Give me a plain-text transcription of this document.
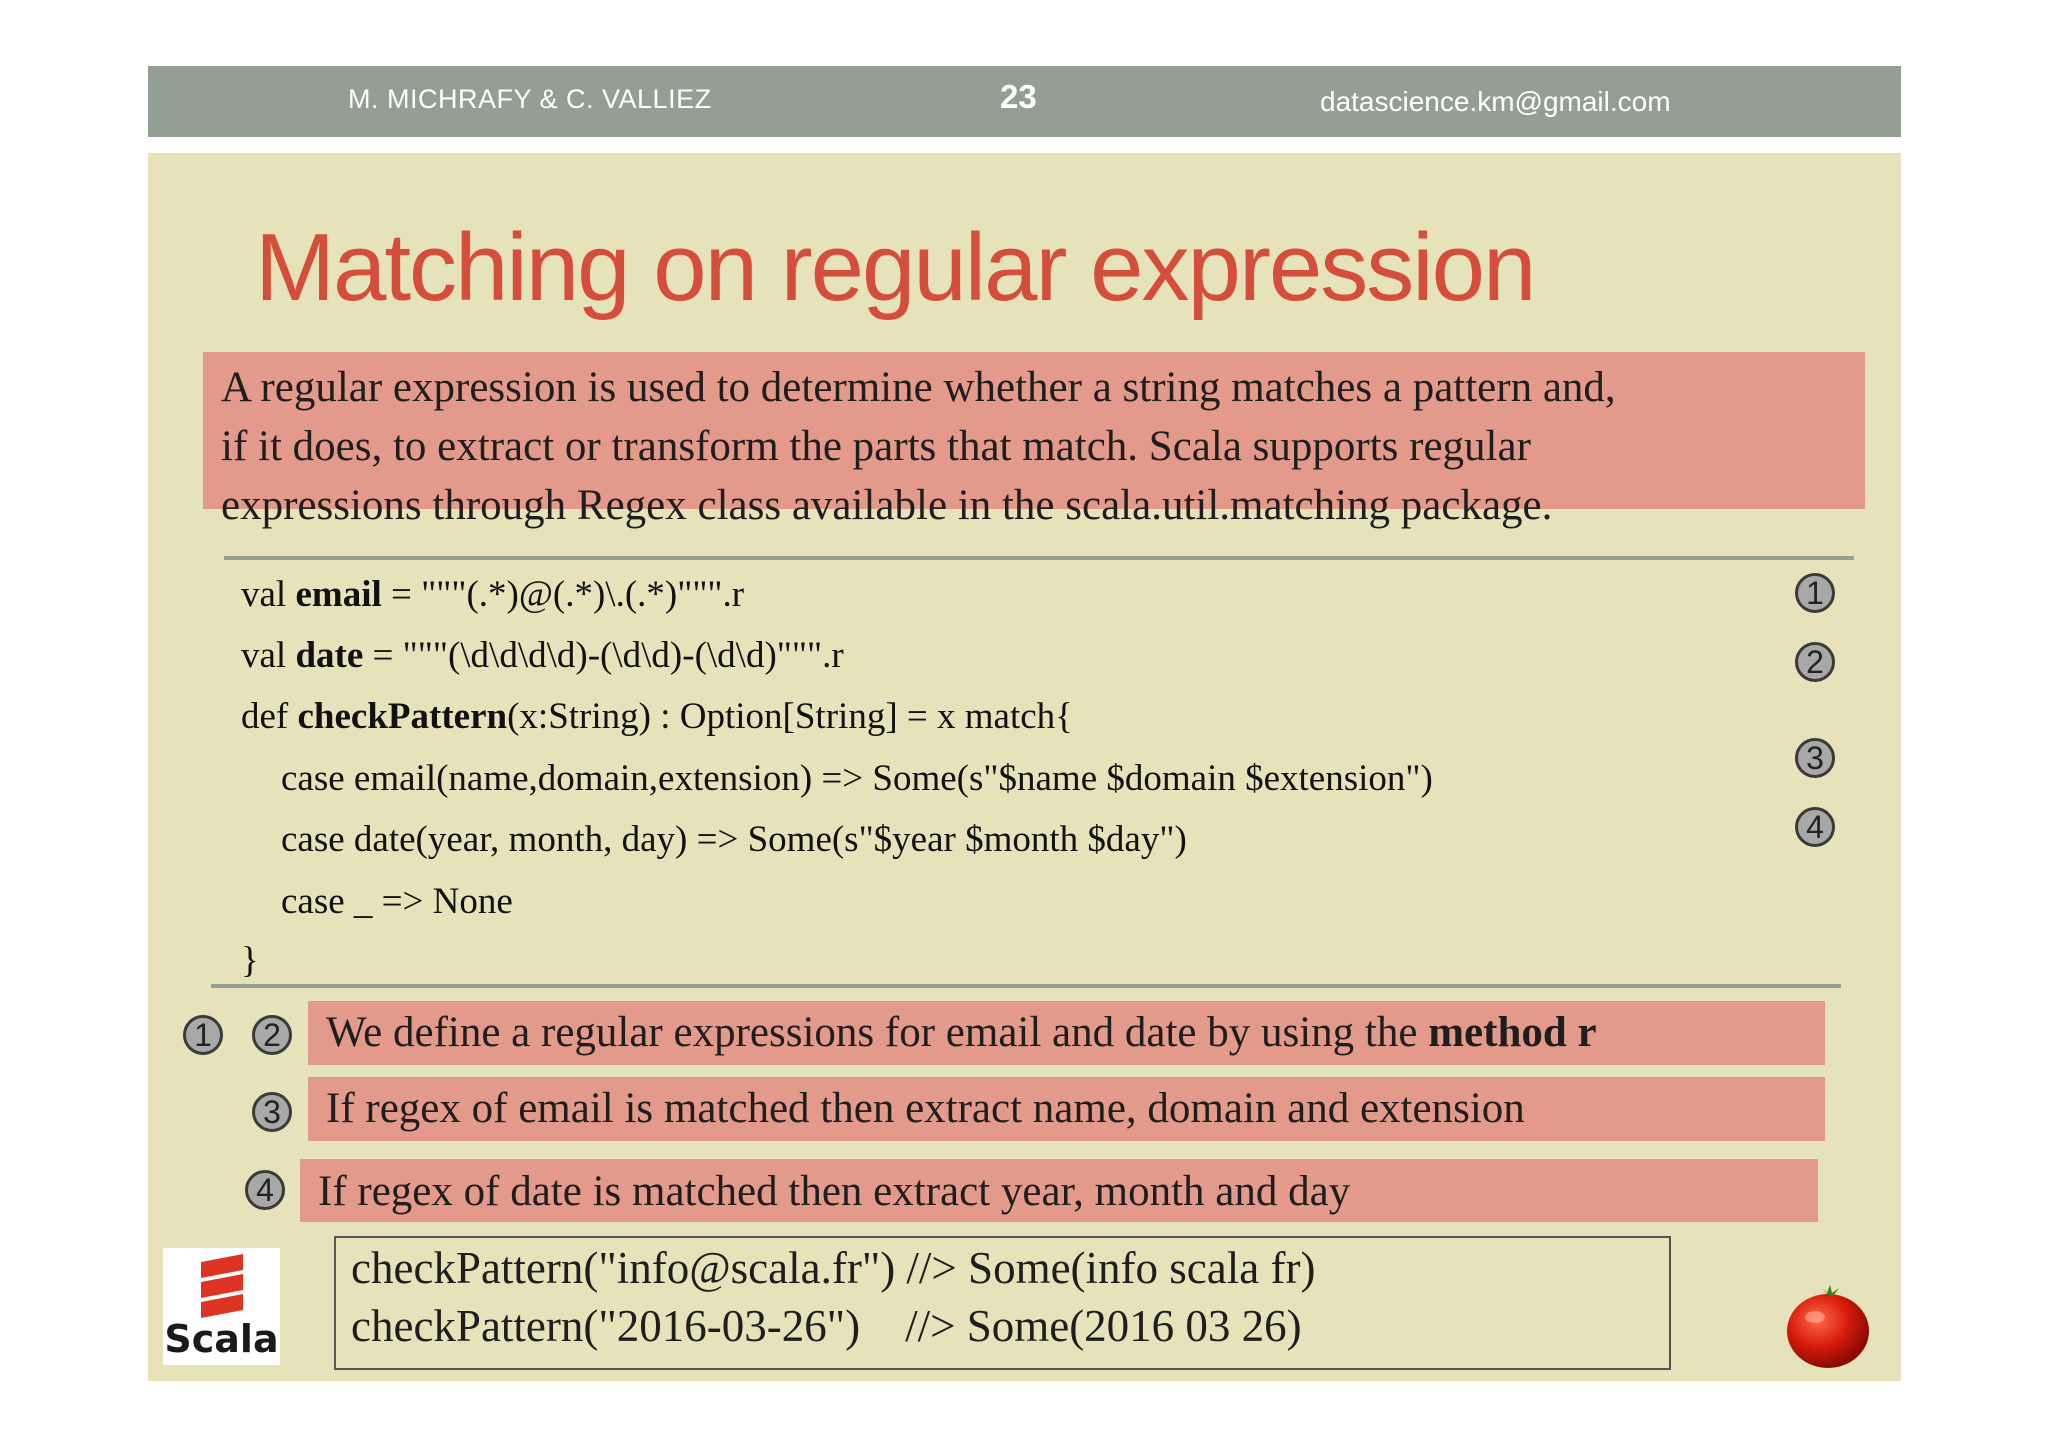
M. MICHRAFY & C. VALLIEZ	23	datascience.km@gmail.com
Matching on regular expression

A regular expression is used to determine whether a string matches a pattern and,
if it does, to extract or transform the parts that match. Scala supports regular
expressions through Regex class available in the scala.util.matching package.

val email = """(.*)@(.*)\.(.*)""".r
val date = """(\d\d\d\d)-(\d\d)-(\d\d)""".r
def checkPattern(x:String) : Option[String] = x match{
case email(name,domain,extension) => Some(s"$name $domain $extension")
case date(year, month, day) => Some(s"$year $month $day")
case _ => None
}
1
2
3
4
1	2	We define a regular expressions for email and date by using the method r
3	If regex of email is matched then extract name, domain and extension
4	If regex of date is matched then extract year, month and day
Scala
checkPattern("info@scala.fr") //> Some(info scala fr)
checkPattern("2016-03-26")    //> Some(2016 03 26)
